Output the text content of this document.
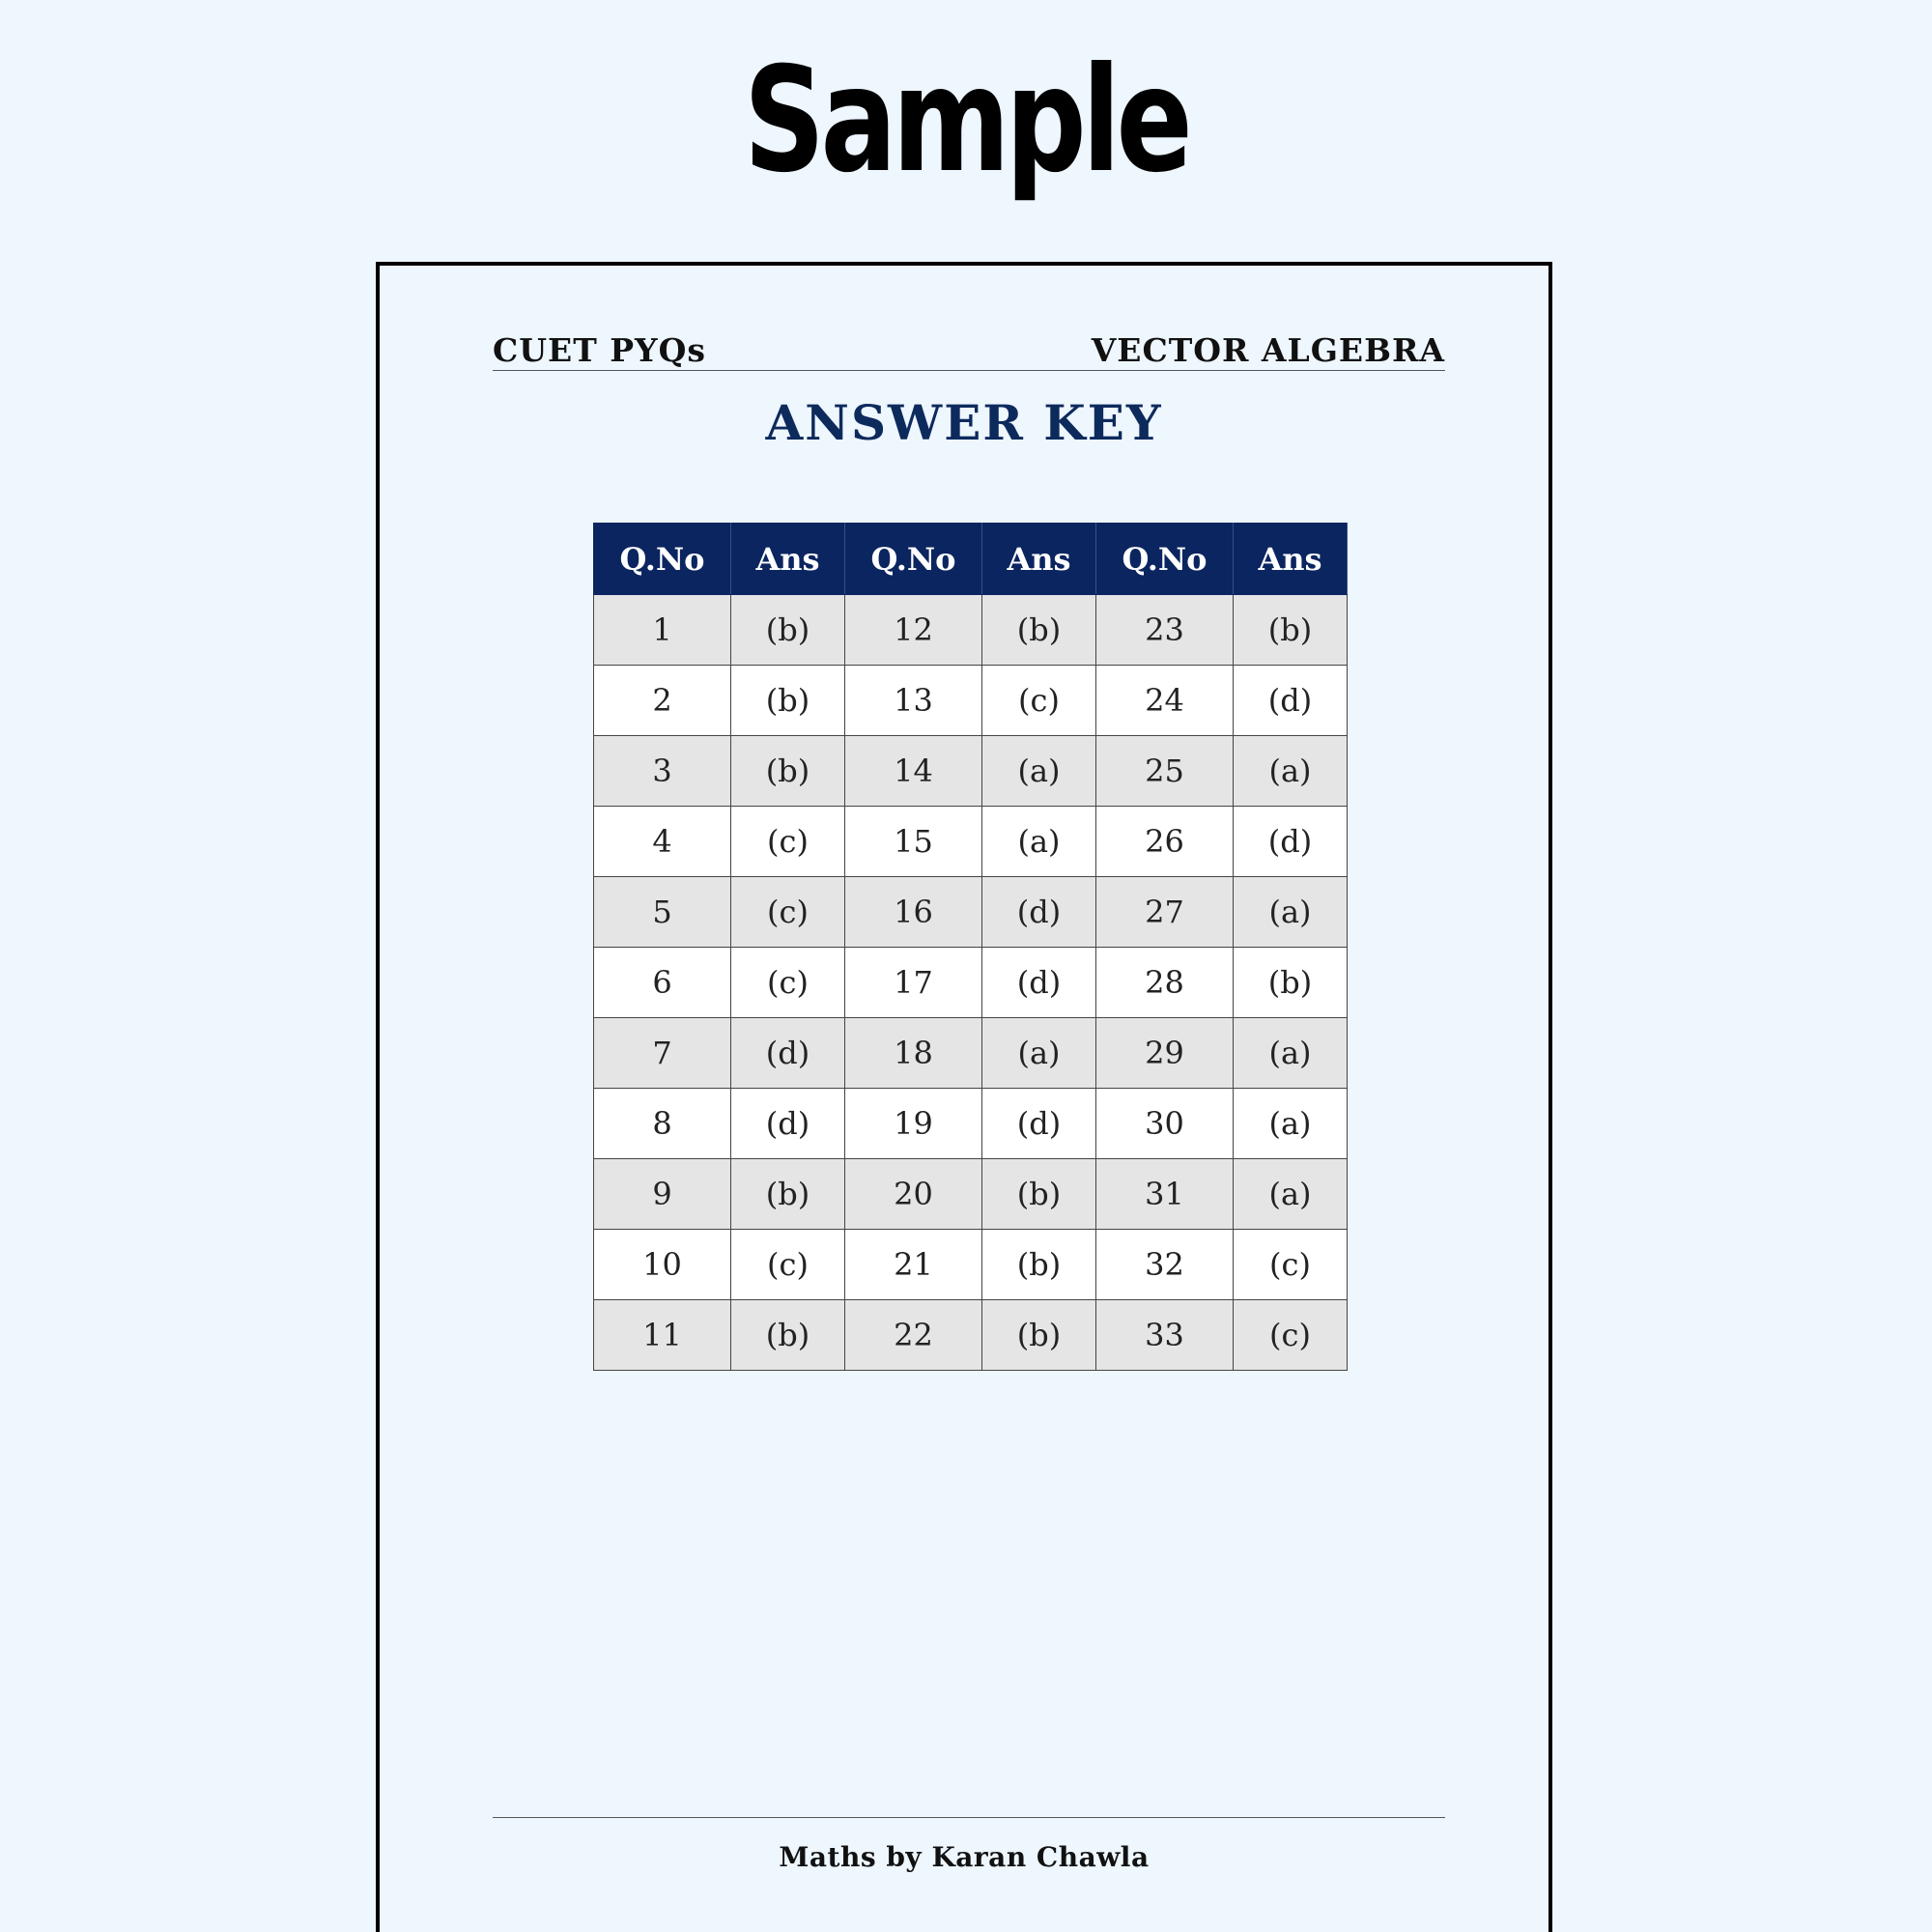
Sample
CUET PYQs	VECTOR ALGEBRA
ANSWER KEY
Q.No	Ans	Q.No	Ans	Q.No	Ans
1	(b)	12	(b)	23	(b)
2	(b)	13	(c)	24	(d)
3	(b)	14	(a)	25	(a)
4	(c)	15	(a)	26	(d)
5	(c)	16	(d)	27	(a)
6	(c)	17	(d)	28	(b)
7	(d)	18	(a)	29	(a)
8	(d)	19	(d)	30	(a)
9	(b)	20	(b)	31	(a)
10	(c)	21	(b)	32	(c)
11	(b)	22	(b)	33	(c)
Maths by Karan Chawla
